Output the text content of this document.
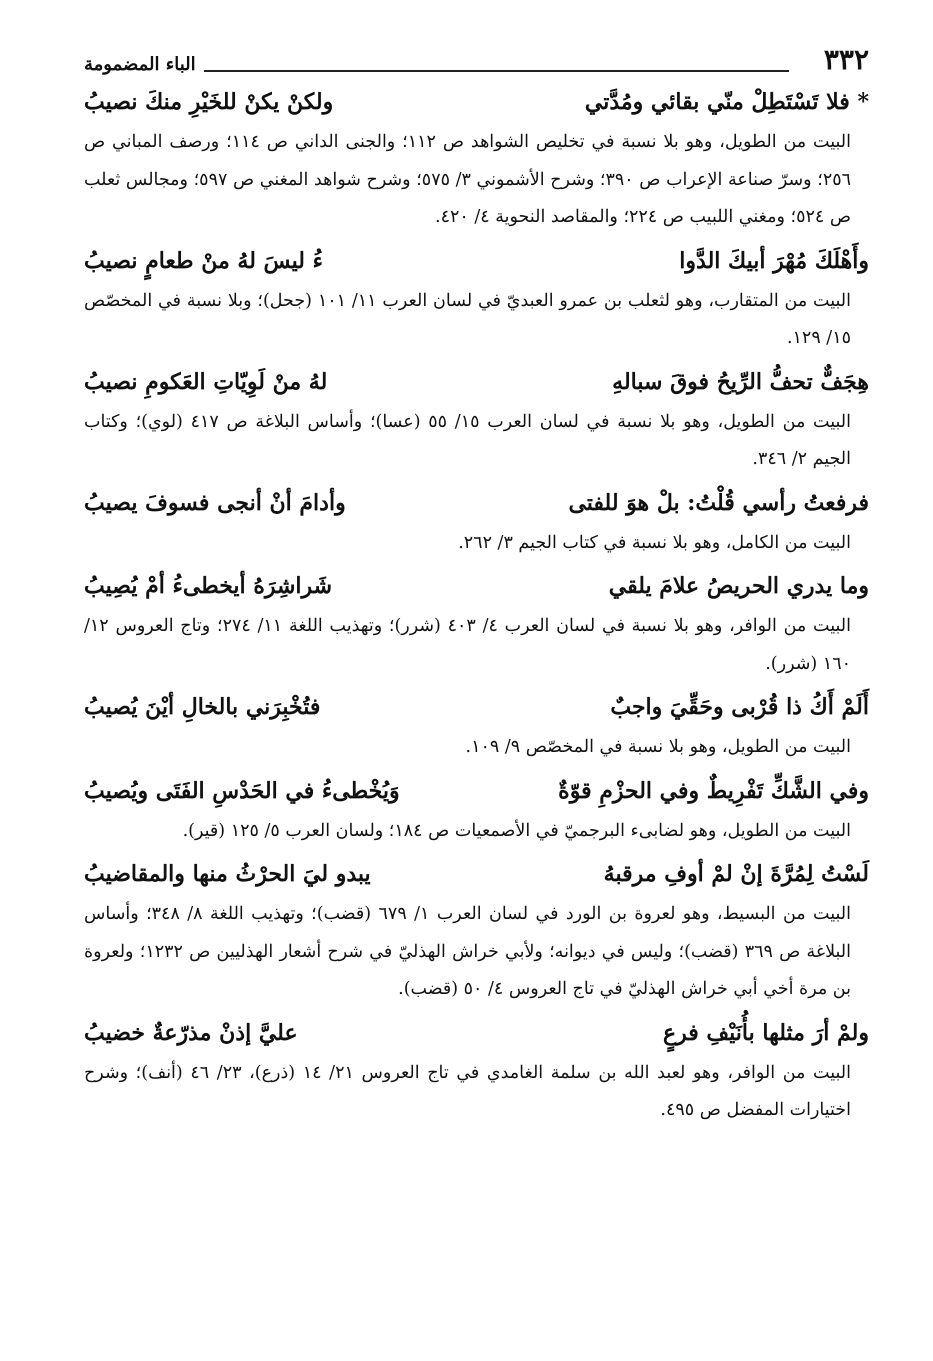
٣٣٢
الباء المضمومة
* فلا تَسْتَطِلْ منّي بقائي ومُدَّتي
ولكنْ يكنْ للخَيْرِ منكَ نصيبُ

البيت من الطويل، وهو بلا نسبة في تخليص الشواهد ص ١١٢؛ والجنى الداني ص ١١٤؛ ورصف المباني ص ٢٥٦؛ وسرّ صناعة الإعراب ص ٣٩٠؛ وشرح الأشموني ٣/ ٥٧٥؛ وشرح شواهد المغني ص ٥٩٧؛ ومجالس ثعلب ص ٥٢٤؛ ومغني اللبيب ص ٢٢٤؛ والمقاصد النحوية ٤/ ٤٢٠.

وأَهْلَكَ مُهْرَ أبيكَ الدَّوا
ءُ ليسَ لهُ منْ طعامٍ نصيبُ

البيت من المتقارب، وهو لثعلب بن عمرو العبديّ في لسان العرب ١١/ ١٠١ (جحل)؛ وبلا نسبة في المخصّص ١٥/ ١٢٩.

هِجَفٌّ تحفُّ الرِّيحُ فوقَ سبالهِ
لهُ منْ لَوِيّاتِ العَكومِ نصيبُ

البيت من الطويل، وهو بلا نسبة في لسان العرب ١٥/ ٥٥ (عسا)؛ وأساس البلاغة ص ٤١٧ (لوي)؛ وكتاب الجيم ٢/ ٣٤٦.

فرفعتُ رأسي قُلْتُ: بلْ هوَ للفتى
وأدامَ أنْ أنجى فسوفَ يصيبُ

البيت من الكامل، وهو بلا نسبة في كتاب الجيم ٣/ ٢٦٢.

وما يدري الحريصُ علامَ يلقي
شَراشِرَهُ أيخطىءُ أمْ يُصِيبُ

البيت من الوافر، وهو بلا نسبة في لسان العرب ٤/ ٤٠٣ (شرر)؛ وتهذيب اللغة ١١/ ٢٧٤؛ وتاج العروس ١٢/ ١٦٠ (شرر).

أَلَمْ أَكُ ذا قُرْبى وحَقِّيَ واجبٌ
فتُخْبِرَني بالخالِ أيْنَ يُصيبُ

البيت من الطويل، وهو بلا نسبة في المخصّص ٩/ ١٠٩.

وفي الشَّكِّ تَفْرِيطٌ وفي الحزْمِ قوّةٌ
وَيُخْطىءُ في الحَدْسِ الفَتَى ويُصيبُ

البيت من الطويل، وهو لضابىء البرجميّ في الأصمعيات ص ١٨٤؛ ولسان العرب ٥/ ١٢٥ (قير).

لَسْتُ لِمُرَّةَ إنْ لمْ أوفِ مرقبهُ
يبدو ليَ الحرْثُ منها والمقاضيبُ

البيت من البسيط، وهو لعروة بن الورد في لسان العرب ١/ ٦٧٩ (قضب)؛ وتهذيب اللغة ٨/ ٣٤٨؛ وأساس البلاغة ص ٣٦٩ (قضب)؛ وليس في ديوانه؛ ولأبي خراش الهذليّ في شرح أشعار الهذليين ص ١٢٣٢؛ ولعروة بن مرة أخي أبي خراش الهذليّ في تاج العروس ٤/ ٥٠ (قضب).

ولمْ أرَ مثلها بأُنَيْفِ فرعٍ
عليَّ إذنْ مذرّعةٌ خضيبُ

البيت من الوافر، وهو لعبد الله بن سلمة الغامدي في تاج العروس ٢١/ ١٤ (ذرع)، ٢٣/ ٤٦ (أنف)؛ وشرح اختيارات المفضل ص ٤٩٥.
